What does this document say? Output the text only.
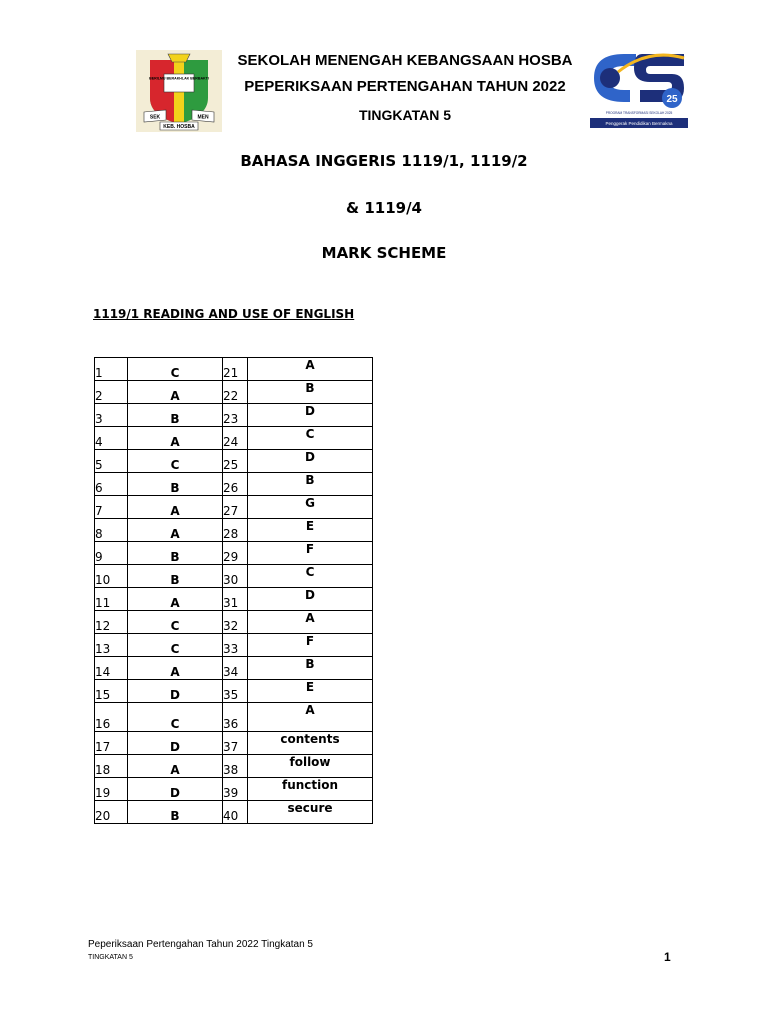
BERILMU BERAKHLAK BERBAKTI
SEK	MEN
KEB. HOSBA
25
PROGRAM TRANSFORMASI SEKOLAH 2025
Penggerak Pendidikan Bermakna
SEKOLAH MENENGAH KEBANGSAAN HOSBA
PEPERIKSAAN PERTENGAHAN TAHUN 2022
TINGKATAN 5
BAHASA INGGERIS 1119/1, 1119/2
& 1119/4
MARK SCHEME
1119/1 READING AND USE OF ENGLISH
1	C	21	A
2	A	22	B
3	B	23	D
4	A	24	C
5	C	25	D
6	B	26	B
7	A	27	G
8	A	28	E
9	B	29	F
10	B	30	C
11	A	31	D
12	C	32	A
13	C	33	F
14	A	34	B
15	D	35	E
16	C	36	A
17	D	37	contents
18	A	38	follow
19	D	39	function
20	B	40	secure
Peperiksaan Pertengahan Tahun 2022 Tingkatan 5
TINGKATAN 5	1
